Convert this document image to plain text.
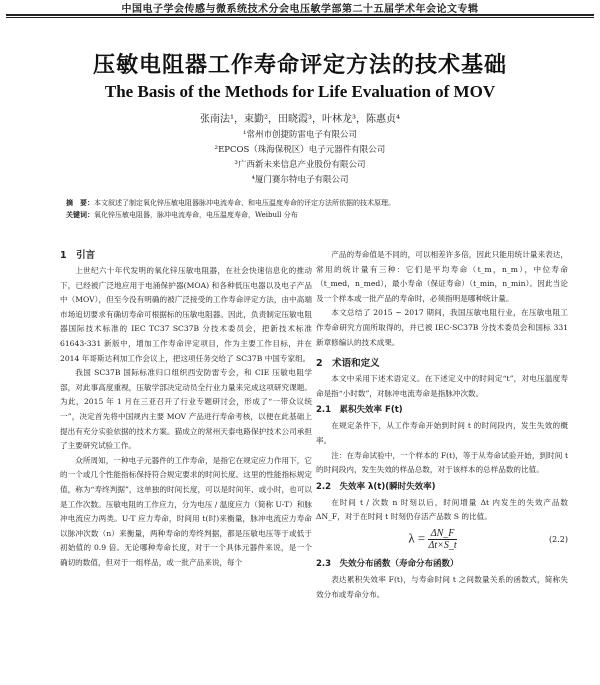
中国电子学会传感与微系统技术分会电压敏学部第二十五届学术年会论文专辑
压敏电阻器工作寿命评定方法的技术基础
The Basis of the Methods for Life Evaluation of MOV
张南法¹，束勤²，田晓霞³，叶林龙³，陈惠贞⁴
¹常州市创捷防雷电子有限公司
²EPCOS（珠海保税区）电子元器件有限公司
³广西新未来信息产业股份有限公司
⁴厦门赛尔特电子有限公司
摘　要：本文叙述了制定氧化锌压敏电阻器脉冲电流寿命、和电压温度寿命的评定方法所依据的技术原理。
关键词：氧化锌压敏电阻器，脉冲电流寿命，电压温度寿命，Weibull 分布

1　引言

上世纪六十年代发明的氧化锌压敏电阻器，在社会快速信息化的推动下，已经被广泛地应用于电涌保护器(MOA) 和各种低压电器以及电子产品中（MOV），但至今没有明确的被广泛接受的工作寿命评定方法，由中高端市场追切要求有确切寿命可根据标的压敏电阻器。因此，负责制定压敏电阻器国际技术标准的 IEC TC37 SC37B 分技术委员会，把新技术标准 61643-331 新版中，增加工作寿命评定项目，作为主要工作目标，并在 2014 年哥斯达利加工作会议上，把这项任务交给了 SC37B 中国专家组。

我国 SC37B 国际标准归口组织西安防雷专会，和 CIE 压敏电阻学部，对此事高度重视，压敏学部决定动员全行业力量来完成这项研究课题。为此，2015 年 1 月在三亚召开了行业专题研讨会，形成了“一带众议统一”，决定首先将中国规内主要 MOV 产品进行寿命考核，以便在此基础上提出有充分实验依据的技术方案。猫成立的常州天泰电路保护技术公司承担了主要研究试验工作。

众所周知，一种电子元器件的工作寿命，是指它在规定应力作用下，它的一个或几个性能指标保持符合规定要求的时间长度。这里的性能指标规定值，称为“寿终判据”，这单独的时间长度，可以是时间年、或小时，也可以是工作次数。压敏电阻的工作应力，分为电压 / 温度应力（简称 U-T）和脉冲电流应力两类。U-T 应力寿命，时间用 t(时)来衡量，脉冲电流应力寿命以脉冲次数（n）来衡量，两种寿命的寿终判据，都是压敏电压等于或低于初始值的 0.9 倍。无论哪种寿命长度，对于一个具体元器件来说，是一个确切的数值，但对于一组样品，或一批产品来说，每个

产品的寿命值是不同的，可以相差许多倍，因此只能用统计量来表达，常用的统计量有三种：它们是平均寿命（t_m，n_m），中位寿命（t_med，n_med），最小寿命（保证寿命）（t_min，n_min）。因此当论及一个样本或一批产品的寿命时，必须指明是哪种统计量。

本文总结了 2015 ~ 2017 期间，我国压敏电阻行业，在压敏电阻工作寿命研究方面所取得的，并已被 IEC-SC37B 分技术委员会和国标 331 新章修编认的技术成果。

2　术语和定义

本文中采用下述术语定义。在下述定义中的时间定“t”，对电压温度寿命是指“小时数”，对脉冲电流寿命是指脉冲次数。

2.1　累积失效率 F(t)

在规定条件下，从工作寿命开始到时间 t 的时间段内，发生失效的概率。

注：在寿命试验中，一个样本的 F(t)，等于从寿命试验开始，到时间 t 的时间段内，发生失效的样品总数，对于该样本的总样品数的比值。

2.2　失效率 λ(t)(瞬时失效率)

在时间 t / 次数 n 时刻以后，时间增量 Δt 内发生的失效产品数 ΔN_F，对于在时间 t 时刻仍存活产品数 S 的比值。

$\lambda = \frac{\Delta N\_F}{\Delta t\times S\_t}$	(2.2)

2.3　失效分布函数（寿命分布函数）

表达累积失效率 F(t)，与寿命时间 t 之间数量关系的函数式，简称失效分布或寿命分布。
